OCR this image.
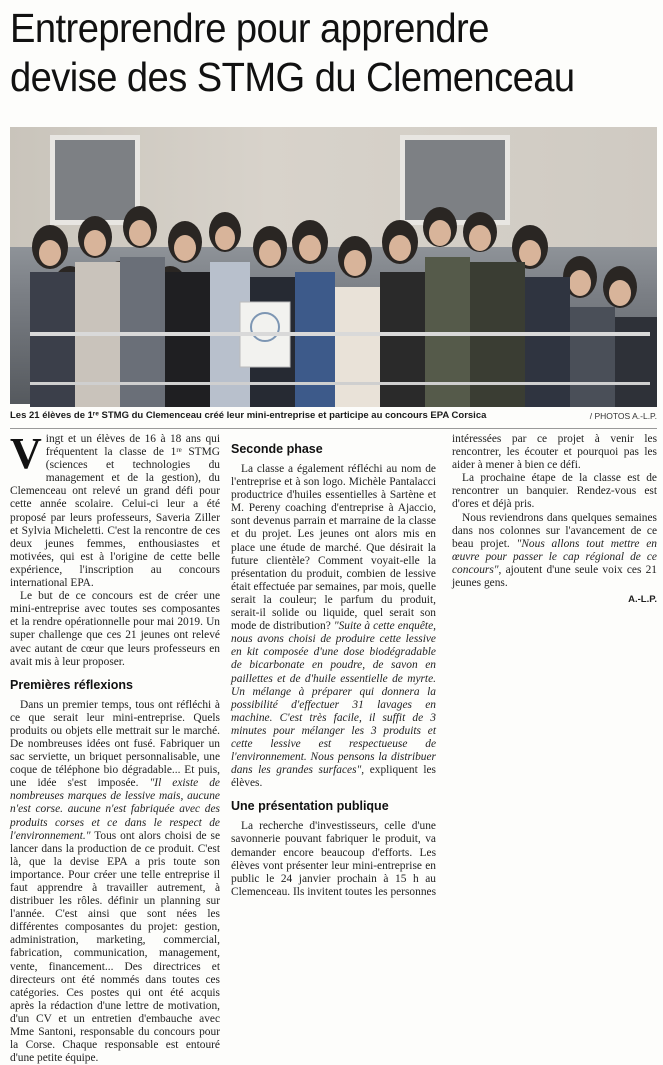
Entreprendre pour apprendre
devise des STMG du Clemenceau
Les 21 élèves de 1ʳᵉ STMG du Clemenceau créé leur mini-entreprise et participe au concours EPA Corsica	/ PHOTOS A.-L.P.

Vingt et un élèves de 16 à 18 ans qui fréquentent la classe de 1ʳᵉ STMG (sciences et technologies du management et de la gestion), du Clemenceau ont relevé un grand défi pour cette année scolaire. Celui-ci leur a été proposé par leurs professeurs, Saveria Ziller et Sylvia Micheletti. C'est la rencontre de ces deux jeunes femmes, enthousiastes et motivées, qui est à l'origine de cette belle expérience, l'inscription au concours international EPA.

Le but de ce concours est de créer une mini-entreprise avec toutes ses composantes et la rendre opérationnelle pour mai 2019. Un super challenge que ces 21 jeunes ont relevé avec autant de cœur que leurs professeurs en avait mis à leur proposer.

Premières réflexions

Dans un premier temps, tous ont réfléchi à ce que serait leur mini-entreprise. Quels produits ou objets elle mettrait sur le marché. De nombreuses idées ont fusé. Fabriquer un sac serviette, un briquet personnalisable, une coque de téléphone bio dégradable... Et puis, une idée s'est imposée. "Il existe de nombreuses marques de lessive mais, aucune n'est corse. aucune n'est fabriquée avec des produits corses et ce dans le respect de l'environnement." Tous ont alors choisi de se lancer dans la production de ce produit. C'est là, que la devise EPA a pris toute son importance. Pour créer une telle entreprise il faut apprendre à travailler autrement, à distribuer les rôles. définir un planning sur l'année. C'est ainsi que sont nées les différentes composantes du projet: gestion, administration, marketing, commercial, fabrication, communication, management, vente, financement... Des directrices et directeurs ont été nommés dans toutes ces catégories. Ces postes qui ont été acquis après la rédaction d'une lettre de motivation, d'un CV et un entretien d'embauche avec Mme Santoni, responsable du concours pour la Corse. Chaque responsable est entouré d'une petite équipe.

Seconde phase

La classe a également réfléchi au nom de l'entreprise et à son logo. Michèle Pantalacci productrice d'huiles essentielles à Sartène et M. Pereny coaching d'entreprise à Ajaccio, sont devenus parrain et marraine de la classe et du projet. Les jeunes ont alors mis en place une étude de marché. Que désirait la future clientèle? Comment voyait-elle la présentation du produit, combien de lessive était effectuée par semaines, par mois, quelle serait la couleur; le parfum du produit, serait-il solide ou liquide, quel serait son mode de distribution? "Suite à cette enquête, nous avons choisi de produire cette lessive en kit composée d'une dose biodégradable de bicarbonate en poudre, de savon en paillettes et de d'huile essentielle de myrte. Un mélange à préparer qui donnera la possibilité d'effectuer 31 lavages en machine. C'est très facile, il suffit de 3 minutes pour mélanger les 3 produits et cette lessive est respectueuse de l'environnement. Nous pensons la distribuer dans les grandes surfaces", expliquent les élèves.

Une présentation publique

La recherche d'investisseurs, celle d'une savonnerie pouvant fabriquer le produit, va demander encore beaucoup d'efforts. Les élèves vont présenter leur mini-entreprise en public le 24 janvier prochain à 15 h au Clemenceau. Ils invitent toutes les personnes intéressées par ce projet à venir les rencontrer, les écouter et pourquoi pas les aider à mener à bien ce défi.

La prochaine étape de la classe est de rencontrer un banquier. Rendez-vous est d'ores et déjà pris.

Nous reviendrons dans quelques semaines dans nos colonnes sur l'avancement de ce beau projet. "Nous allons tout mettre en œuvre pour passer le cap régional de ce concours", ajoutent d'une seule voix ces 21 jeunes gens.

A.-L.P.
